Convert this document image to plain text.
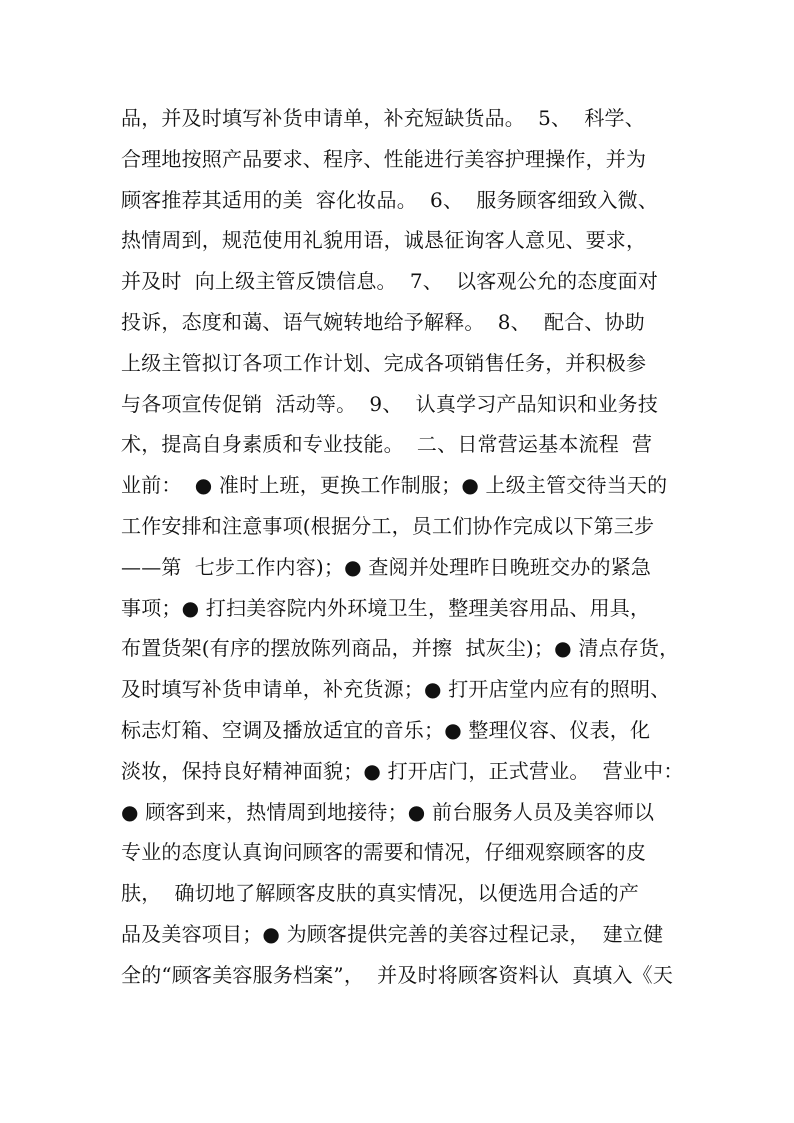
品，并及时填写补货申请单，补充短缺货品。  5、  科学、
合理地按照产品要求、程序、性能进行美容护理操作，并为
顾客推荐其适用的美  容化妆品。  6、  服务顾客细致入微、
热情周到，规范使用礼貌用语，诚恳征询客人意见、要求，
并及时  向上级主管反馈信息。  7、  以客观公允的态度面对
投诉，态度和蔼、语气婉转地给予解释。  8、  配合、协助
上级主管拟订各项工作计划、完成各项销售任务，并积极参
与各项宣传促销  活动等。  9、  认真学习产品知识和业务技
术，提高自身素质和专业技能。  二、日常营运基本流程  营
业前：  ● 准时上班，更换工作制服；● 上级主管交待当天的
工作安排和注意事项(根据分工，员工们协作完成以下第三步
——第  七步工作内容)；● 查阅并处理昨日晚班交办的紧急
事项；● 打扫美容院内外环境卫生，整理美容用品、用具，
布置货架(有序的摆放陈列商品，并擦  拭灰尘)；● 清点存货，
及时填写补货申请单，补充货源；● 打开店堂内应有的照明、
标志灯箱、空调及播放适宜的音乐；● 整理仪容、仪表，化
淡妆，保持良好精神面貌；● 打开店门，正式营业。  营业中：
● 顾客到来，热情周到地接待；● 前台服务人员及美容师以
专业的态度认真询问顾客的需要和情况，仔细观察顾客的皮
肤，  确切地了解顾客皮肤的真实情况，以便选用合适的产
品及美容项目；● 为顾客提供完善的美容过程记录，  建立健
全的“顾客美容服务档案”，  并及时将顾客资料认  真填入《天
